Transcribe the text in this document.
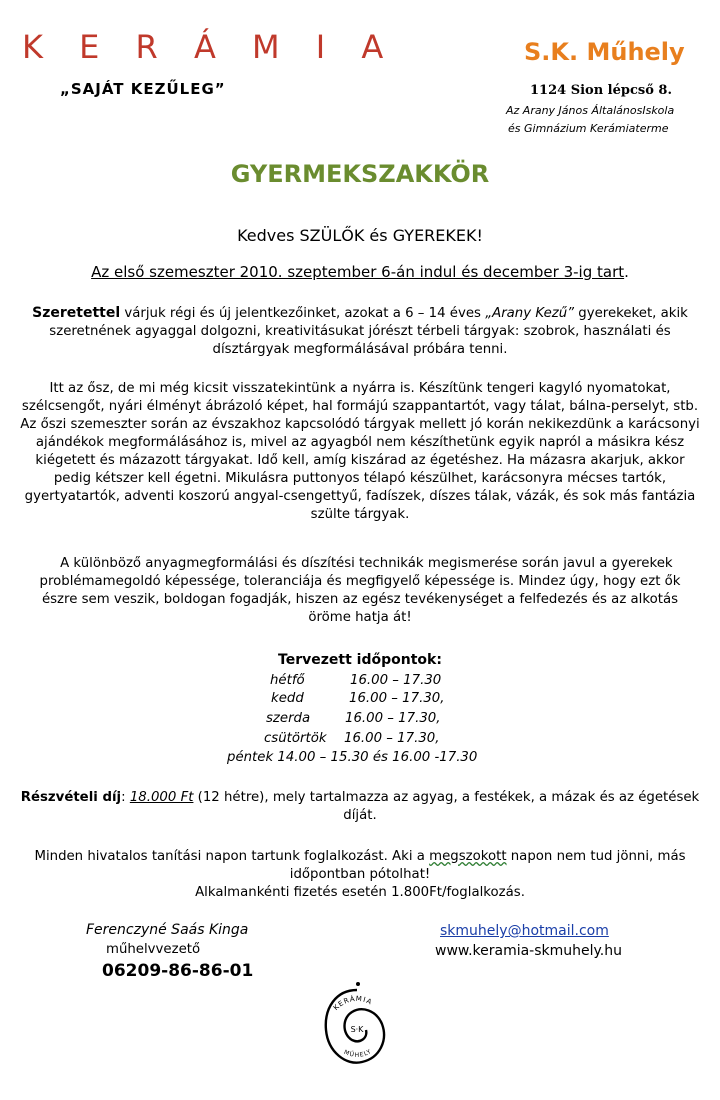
K E R Á M I A
„SAJÁT KEZŰLEG”
S.K. Műhely
1124 Sion lépcső 8.
Az Arany János ÁltalánosIskola
és Gimnázium Kerámiaterme
GYERMEKSZAKKÖR
Kedves SZÜLŐK és GYEREKEK!
Az első szemeszter 2010. szeptember 6-án indul és december 3-ig tart.
Szeretettel várjuk régi és új jelentkezőinket, azokat a 6 – 14 éves „Arany Kezű” gyerekeket, akik szeretnének agyaggal dolgozni, kreativitásukat jórészt térbeli tárgyak: szobrok, használati és dísztárgyak megformálásával próbára tenni.
Itt az ősz, de mi még kicsit visszatekintünk a nyárra is. Készítünk tengeri kagyló nyomatokat, szélcsengőt, nyári élményt ábrázoló képet, hal formájú szappantartót, vagy tálat, bálna-perselyt, stb. Az őszi szemeszter során az évszakhoz kapcsolódó tárgyak mellett jó korán nekikezdünk a karácsonyi ajándékok megformálásához is, mivel az agyagból nem készíthetünk egyik napról a másikra kész kiégetett és mázazott tárgyakat. Idő kell, amíg kiszárad az égetéshez. Ha mázasra akarjuk, akkor pedig kétszer kell égetni. Mikulásra puttonyos télapó készülhet, karácsonyra mécses tartók, gyertyatartók, adventi koszorú angyal-csengettyű, fadíszek, díszes tálak, vázák, és sok más fantázia szülte tárgyak.
A különböző anyagmegformálási és díszítési technikák megismerése során javul a gyerekek problémamegoldó képessége, toleranciája és megfigyelő képessége is. Mindez úgy, hogy ezt ők észre sem veszik, boldogan fogadják, hiszen az egész tevékenységet a felfedezés és az alkotás öröme hatja át!
Tervezett időpontok:
hétfő	16.00 – 17.30
kedd	16.00 – 17.30,
szerda	16.00 – 17.30,
csütörtök 16.00 – 17.30,
péntek 14.00 – 15.30 és 16.00 -17.30
Részvételi díj: 18.000 Ft (12 hétre), mely tartalmazza az agyag, a festékek, a mázak és az égetések díját.
Minden hivatalos tanítási napon tartunk foglalkozást. Aki a megszokott napon nem tud jönni, más időpontban pótolhat!
Alkalmankénti fizetés esetén 1.800Ft/foglalkozás.
Ferenczyné Saás Kinga
műhelvvezető
06209-86-86-01
skmuhely@hotmail.com
www.keramia-skmuhely.hu
KERÁMIA
S·K
MŰHELY
